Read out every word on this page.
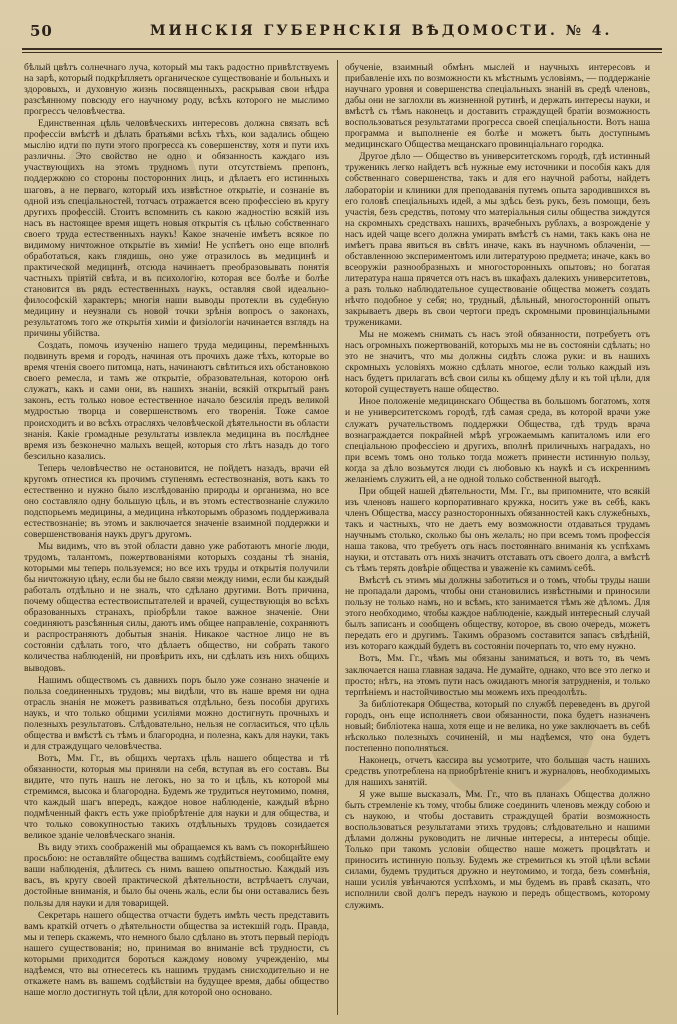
50	МИНСКІЯ ГУБЕРНСКІЯ ВѢДОМОСТИ. № 4.

бѣлый цвѣтъ солнечнаго луча, который мы такъ радостно привѣтствуемъ на зарѣ, который подкрѣпляетъ органическое существованіе и больныхъ и здоровыхъ, и духовную жизнь посвященныхъ, раскрывая свои нѣдра разсѣянному повсюду его научному роду, всѣхъ которого не мыслимо прогрессъ человѣчества.

Единственная цѣль человѣческихъ интересовъ должна связать всѣ профессіи вмѣстѣ и дѣлать братьями всѣхъ тѣхъ, кои задались общею мыслію идти по пути этого прогресса къ совершенству, хотя и пути ихъ различны. Это свойство не одно и обязанность каждаго изъ участвующихъ на этомъ трудномъ пути отсутствіемъ препонъ, поддержкою со стороны посторонних лицъ, и дѣлаетъ его истинныхъ шаговъ, а не перваго, который ихъ извѣстное открытіе, и сознаніе въ одной изъ спеціальностей, тотчасъ отражается всею профессіею въ кругу другихъ профессій. Стоитъ вспомнить съ какою жадностію всякій изъ насъ въ настоящее время ищетъ новыя открытія съ цѣлью собственнаго своего труда естественныхъ наукъ! Какое значеніе имѣетъ всякое по видимому ничтожное открытіе въ химіи! Не успѣетъ оно еще вполнѣ обработаться, какъ глядишь, оно уже отразилось въ медицинѣ и практической медицинѣ, отсюда начинаетъ преобразовывать понятія частныхъ пріятій свѣта, и въ психологію, которая все болѣе и болѣе становится въ рядъ естественныхъ наукъ, оставляя свой идеально-философскій характеръ; многія наши выводы протекли въ судебную медицину и неузнали съ новой точки зрѣнія вопросъ о законахъ, результатомъ того же открытія химіи и физіологіи начинается взглядъ на причины убійства.

Создать, помочь изученію нашего труда медицины, перемѣнныхъ подвинуть время и городъ, начиная отъ прочихъ даже тѣхъ, которые во время чтенія своего питомца, нать, начинаютъ свѣтиться ихъ обстановкою своего ремесла, и тамъ же открытіе, образовательная, которою онѣ служатъ, какъ и сами они, въ нашихъ знаніи, всякій открытый ранъ законъ, есть только новое естественное начало безсилія предъ великой мудростью творца и совершенствомъ его творенія. Тоже самое происходитъ и во всѣхъ отрасляхъ человѣческой дѣятельности въ области знанія. Какіе громадные результаты извлекла медицина въ послѣднее время изъ безконечно малыхъ вещей, которыя сто лѣтъ назадъ до того безсильно казались.

Теперь человѣчество не остановится, не пойдетъ назадъ, врачи ей кругомъ отнестися къ прочимъ ступенямъ естествознанія, вотъ какъ то естественно и нужно было изслѣдованію природы и организма, но все оно составляло одну большую цѣль, и въ этомъ естествознаніе служило подспорьемъ медицины, а медицина нѣкоторымъ образомъ поддерживала естествознаніе; въ этомъ и заключается значеніе взаимной поддержки и совершенствованія наукъ другъ другомъ.

Мы видимъ, что въ этой области давно уже работаютъ многіе люди, трудомъ, талантомъ, пожертвованіями которыхъ созданы тѣ знанія, которыми мы теперь пользуемся; но все ихъ труды и открытія получили бы ничтожную цѣну, если бы не было связи между ними, если бы каждый работалъ отдѣльно и не зналъ, что сдѣлано другими. Вотъ причина, почему общества естествоиспытателей и врачей, существующія во всѣхъ образованныхъ странахъ, пріобрѣли такое важное значеніе. Они соединяютъ разсѣянныя силы, даютъ имъ общее направленіе, сохраняютъ и распространяютъ добытыя знанія. Никакое частное лицо не въ состояніи сдѣлать того, что дѣлаетъ общество, ни собрать такого количества наблюденій, ни провѣрить ихъ, ни сдѣлать изъ нихъ общихъ выводовъ.

Нашимъ обществомъ съ давнихъ поръ было уже сознано значеніе и польза соединенныхъ трудовъ; мы видѣли, что въ наше время ни одна отрасль знанія не можетъ развиваться отдѣльно, безъ пособія другихъ наукъ, и что только общими усиліями можно достигнуть прочныхъ и полезныхъ результатовъ. Слѣдовательно, нельзя не согласиться, что цѣль общества и вмѣстѣ съ тѣмъ и благородна, и полезна, какъ для науки, такъ и для страждущаго человѣчества.

Вотъ, Мм. Гг., въ общихъ чертахъ цѣль нашего общества и тѣ обязанности, которыя мы приняли на себя, вступая въ его составъ. Вы видите, что путь нашъ не легокъ, но за то и цѣль, къ которой мы стремимся, высока и благородна. Будемъ же трудиться неутомимо, помня, что каждый шагъ впередъ, каждое новое наблюденіе, каждый вѣрно подмѣченный фактъ есть уже пріобрѣтеніе для науки и для общества, и что только совокупностью такихъ отдѣльныхъ трудовъ созидается великое зданіе человѣческаго знанія.

Въ виду этихъ соображеній мы обращаемся къ вамъ съ покорнѣйшею просьбою: не оставляйте общества вашимъ содѣйствіемъ, сообщайте ему ваши наблюденія, дѣлитесь съ нимъ вашею опытностью. Каждый изъ васъ, въ кругу своей практической дѣятельности, встрѣчаетъ случаи, достойные вниманія, и было бы очень жаль, если бы они оставались безъ пользы для науки и для товарищей.

Секретарь нашего общества отчасти будетъ имѣть честь представить вамъ краткій отчетъ о дѣятельности общества за истекшій годъ. Правда, мы и теперь скажемъ, что немного было сдѣлано въ этотъ первый періодъ нашего существованія; но, принимая во вниманіе всѣ трудности, съ которыми приходится бороться каждому новому учрежденію, мы надѣемся, что вы отнесетесь къ нашимъ трудамъ снисходительно и не откажете намъ въ вашемъ содѣйствіи на будущее время, дабы общество наше могло достигнуть той цѣли, для которой оно основано.

обученіе, взаимный обмѣнъ мыслей и научныхъ интересовъ и прибавленіе ихъ по возможности къ мѣстнымъ условіямъ, — поддержаніе научнаго уровня и совершенства спеціальныхъ знаній въ средѣ членовъ, дабы они не заглохли въ жизненной рутинѣ, и держать интересы науки, и вмѣстѣ съ тѣмъ наконецъ и доставить страждущей братіи возможность воспользоваться результатами прогресса своей спеціальности. Вотъ наша программа и выполненіе ея болѣе и можетъ быть доступнымъ медицинскаго Общества мещанскаго провинціальнаго городка.

Другое дѣло — Общество въ университетскомъ городѣ, гдѣ истинный труженикъ легко найдетъ всѣ нужные ему источники и пособія какъ для собственнаго совершенства, такъ и для его научной работы, найдетъ лабораторіи и клиники для преподаванія путемъ опыта зародившихся въ его головѣ спеціальныхъ идей, а мы здѣсь безъ рукъ, безъ помощи, безъ участія, безъ средствъ, потому что матеріальныя силы общества зиждутся на скромныхъ средствахъ нашихъ, врачебныхъ рублахъ, а возрожденіе у насъ идей чаще всего должна умирать вмѣстѣ съ нами, такъ какъ она не имѣетъ права явиться въ свѣтъ иначе, какъ въ научномъ облаченіи, — обставленною экспериментомъ или литературою предмета; иначе, какъ во всеоружіи разнообразныхъ и многосторонныхъ опытовъ; но богатая литература наша прячется отъ насъ въ шкафахъ далекихъ университетовъ, а разъ только наблюдательное существованіе общества можетъ создать нѣчто подобное у себя; но, трудный, дѣльный, многосторонній опытъ закрываетъ дверь въ свои чертоги предъ скромными провинціальными тружениками.

Мы не можемъ снимать съ насъ этой обязанности, потребуетъ отъ насъ огромныхъ пожертвованій, которыхъ мы не въ состояніи сдѣлать; но это не значитъ, что мы должны сидѣть сложа руки: и въ нашихъ скромныхъ условіяхъ можно сдѣлать многое, если только каждый изъ насъ будетъ прилагать всѣ свои силы къ общему дѣлу и къ той цѣли, для которой существуетъ наше общество.

Иное положеніе медицинскаго Общества въ большомъ богатомъ, хотя и не университетскомъ городѣ, гдѣ самая среда, въ которой врачи уже служатъ ручательствомъ поддержки Общества, гдѣ трудъ врача вознаграждается покрайней мѣрѣ угрожаемымъ капиталомъ или его спеціальною профессіею и другихъ, вполнѣ приличныхъ наградахъ, но при всемъ томъ оно только тогда можетъ принести истинную пользу, когда за дѣло возьмутся люди съ любовью къ наукѣ и съ искреннимъ желаніемъ служить ей, а не одной только собственной выгодѣ.

При общей нашей дѣятельности, Мм. Гг., вы припомните, что всякій изъ членовъ нашего корпоративнаго кружка, носитъ уже въ себѣ, какъ членъ Общества, массу разносторонныхъ обязанностей какъ служебныхъ, такъ и частныхъ, что не даетъ ему возможности отдаваться трудамъ научнымъ столько, сколько бы онъ желалъ; но при всемъ томъ профессія наша такова, что требуетъ отъ насъ постояннаго вниманія къ успѣхамъ науки, и отставать отъ нихъ значитъ отставать отъ своего долга, а вмѣстѣ съ тѣмъ терять довѣріе общества и уваженіе къ самимъ себѣ.

Вмѣстѣ съ этимъ мы должны заботиться и о томъ, чтобы труды наши не пропадали даромъ, чтобы они становились извѣстными и приносили пользу не только намъ, но и всѣмъ, кто занимается тѣмъ же дѣломъ. Для этого необходимо, чтобы каждое наблюденіе, каждый интересный случай былъ записанъ и сообщенъ обществу, которое, въ свою очередь, можетъ передать его и другимъ. Такимъ образомъ составится запасъ свѣдѣній, изъ котораго каждый будетъ въ состояніи почерпать то, что ему нужно.

Вотъ, Мм. Гг., чѣмъ мы обязаны заниматься, и вотъ то, въ чемъ заключается наша главная задача. Не думайте, однако, что все это легко и просто; нѣтъ, на этомъ пути насъ ожидаютъ многія затрудненія, и только терпѣніемъ и настойчивостью мы можемъ ихъ преодолѣть.

За библіотекаря Общества, который по службѣ переведенъ въ другой городъ, онъ еще исполняетъ свои обязанности, пока будетъ назначенъ новый; библіотека наша, хотя еще и не велика, но уже заключаетъ въ себѣ нѣсколько полезныхъ сочиненій, и мы надѣемся, что она будетъ постепенно пополняться.

Наконецъ, отчетъ кассира вы усмотрите, что большая часть нашихъ средствъ употреблена на приобрѣтеніе книгъ и журналовъ, необходимыхъ для нашихъ занятій.

Я уже выше высказалъ, Мм. Гг., что въ планахъ Общества должно быть стремленіе къ тому, чтобы ближе соединить членовъ между собою и съ наукою, и чтобы доставить страждущей братіи возможность воспользоваться результатами этихъ трудовъ; слѣдовательно и нашими дѣлами должны руководить не личные интересы, а интересы общіе. Только при такомъ условіи общество наше можетъ процвѣтать и приносить истинную пользу. Будемъ же стремиться къ этой цѣли всѣми силами, будемъ трудиться дружно и неутомимо, и тогда, безъ сомнѣнія, наши усилія увѣнчаются успѣхомъ, и мы будемъ въ правѣ сказать, что исполнили свой долгъ передъ наукою и передъ обществомъ, которому служимъ.
